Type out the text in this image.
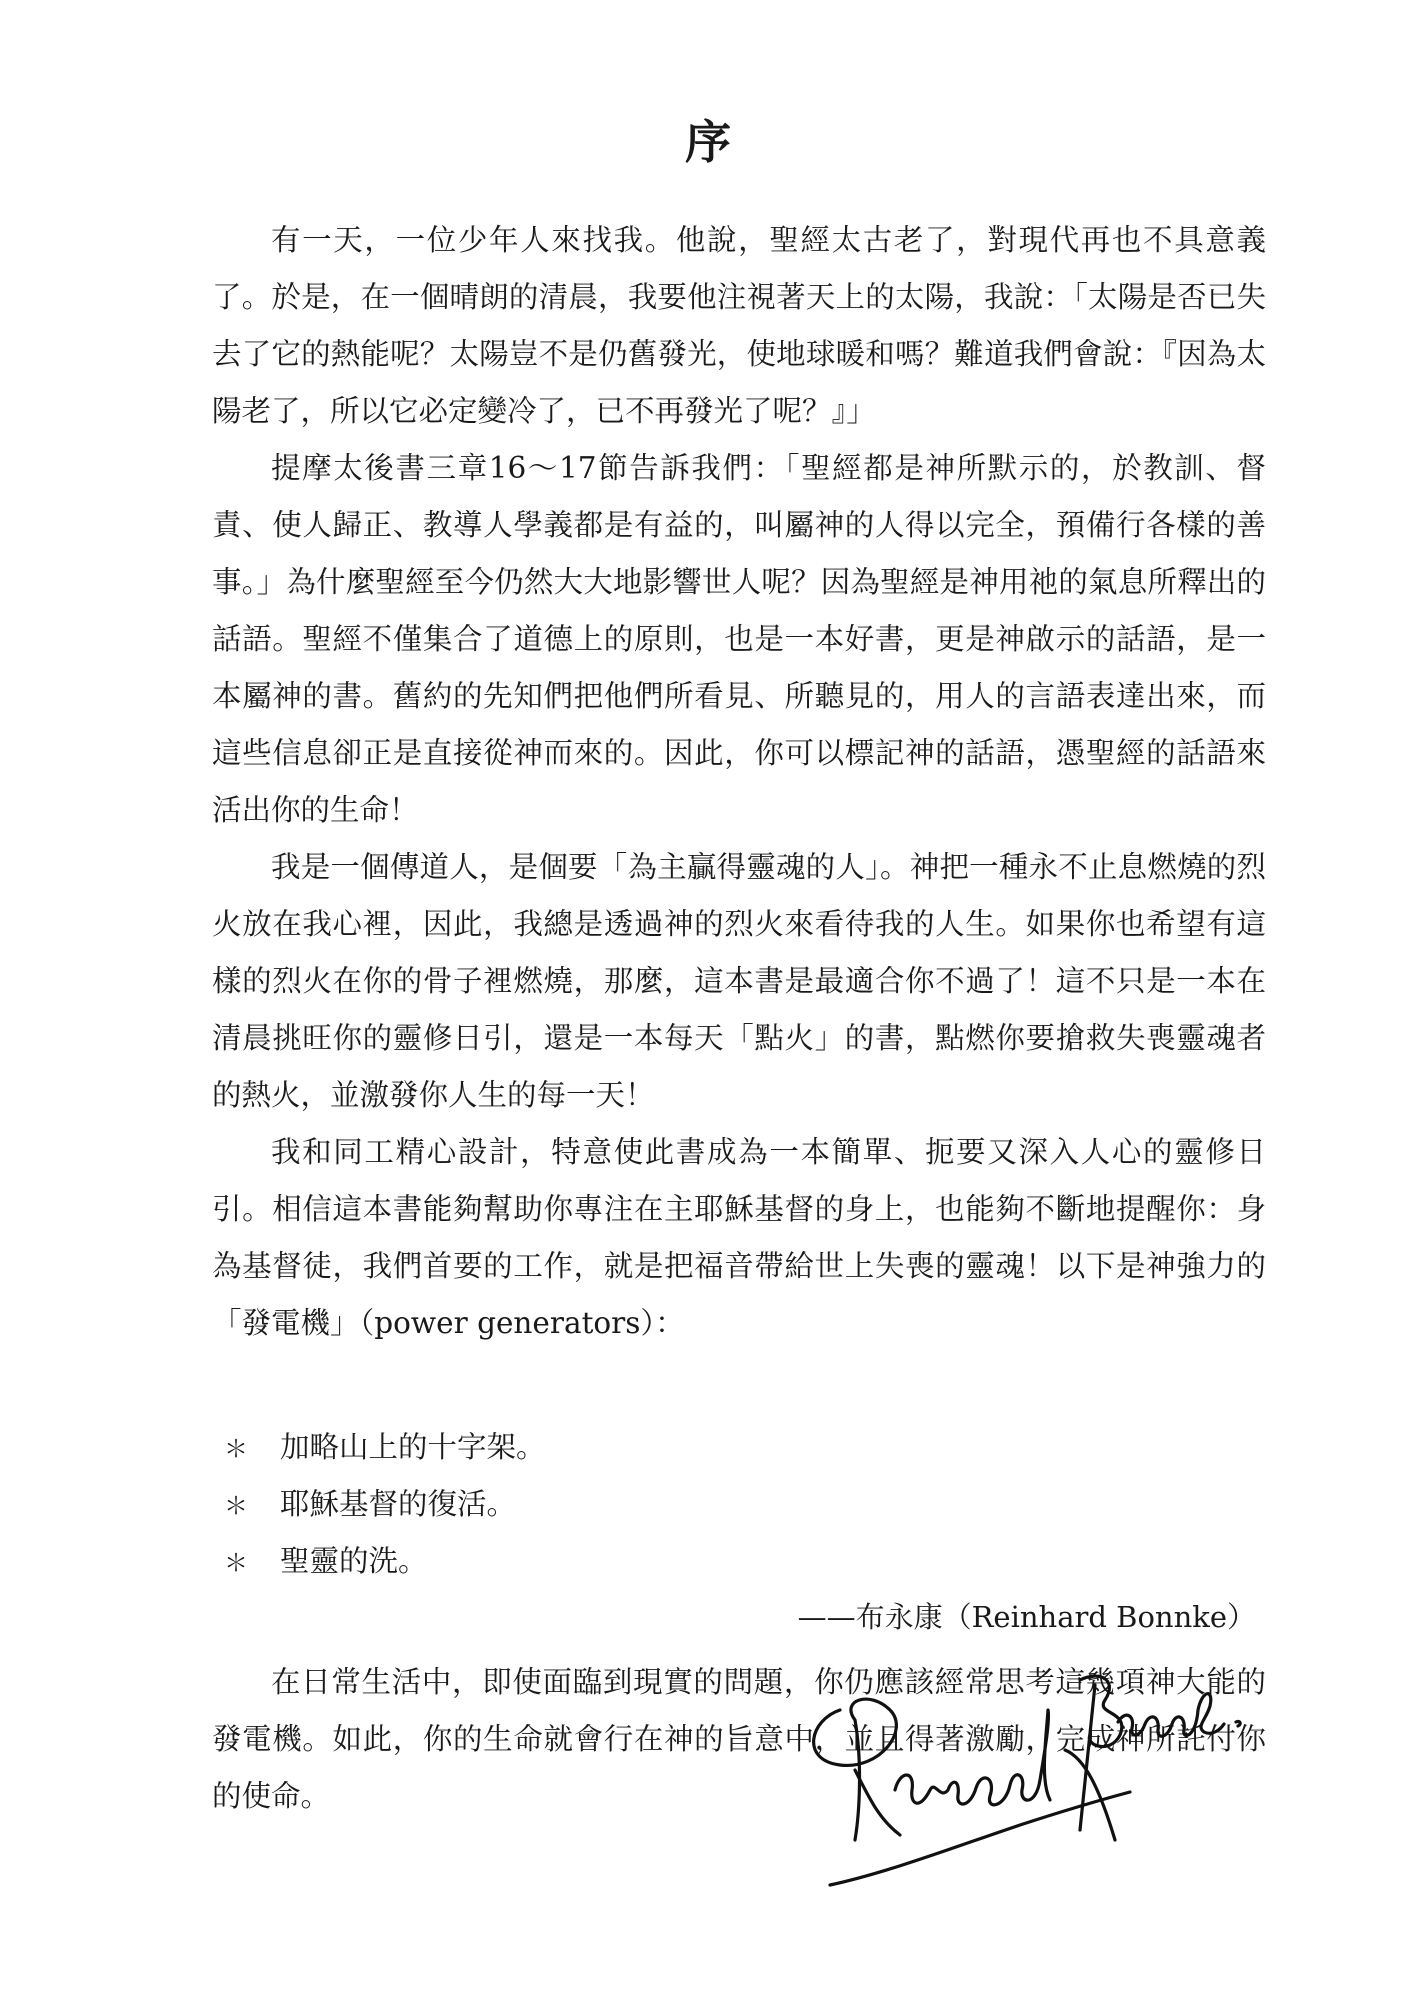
序

有一天，一位少年人來找我。他說，聖經太古老了，對現代再也不具意義了。於是，在一個晴朗的清晨，我要他注視著天上的太陽，我說：「太陽是否已失去了它的熱能呢？太陽豈不是仍舊發光，使地球暖和嗎？難道我們會說：『因為太陽老了，所以它必定變冷了，已不再發光了呢？』」

提摩太後書三章16～17節告訴我們：「聖經都是神所默示的，於教訓、督責、使人歸正、教導人學義都是有益的，叫屬神的人得以完全，預備行各樣的善事。」為什麼聖經至今仍然大大地影響世人呢？因為聖經是神用祂的氣息所釋出的話語。聖經不僅集合了道德上的原則，也是一本好書，更是神啟示的話語，是一本屬神的書。舊約的先知們把他們所看見、所聽見的，用人的言語表達出來，而這些信息卻正是直接從神而來的。因此，你可以標記神的話語，憑聖經的話語來活出你的生命！

我是一個傳道人，是個要「為主贏得靈魂的人」。神把一種永不止息燃燒的烈火放在我心裡，因此，我總是透過神的烈火來看待我的人生。如果你也希望有這樣的烈火在你的骨子裡燃燒，那麼，這本書是最適合你不過了！這不只是一本在清晨挑旺你的靈修日引，還是一本每天「點火」的書，點燃你要搶救失喪靈魂者的熱火，並激發你人生的每一天！

我和同工精心設計，特意使此書成為一本簡單、扼要又深入人心的靈修日引。相信這本書能夠幫助你專注在主耶穌基督的身上，也能夠不斷地提醒你：身為基督徒，我們首要的工作，就是把福音帶給世上失喪的靈魂！以下是神強力的「發電機」（power generators）：

＊ 加略山上的十字架。
＊ 耶穌基督的復活。
＊ 聖靈的洗。

在日常生活中，即使面臨到現實的問題，你仍應該經常思考這幾項神大能的發電機。如此，你的生命就會行在神的旨意中，並且得著激勵，完成神所託付你的使命。

——布永康（Reinhard Bonnke）
